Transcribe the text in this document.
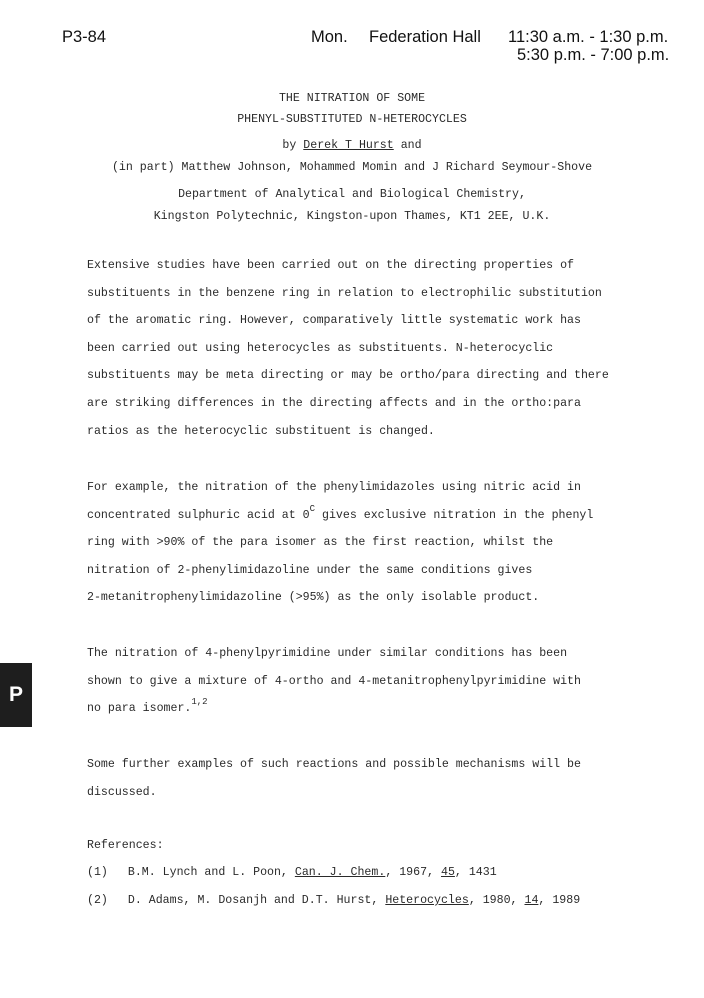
P3-84	Mon. Federation Hall 11:30 a.m. - 1:30 p.m.
5:30 p.m. - 7:00 p.m.
THE NITRATION OF SOME
PHENYL-SUBSTITUTED N-HETEROCYCLES
by Derek T Hurst and
(in part) Matthew Johnson, Mohammed Momin and J Richard Seymour-Shove
Department of Analytical and Biological Chemistry,
Kingston Polytechnic, Kingston-upon Thames, KT1 2EE, U.K.
Extensive studies have been carried out on the directing properties of
substituents in the benzene ring in relation to electrophilic substitution
of the aromatic ring. However, comparatively little systematic work has
been carried out using heterocycles as substituents. N-heterocyclic
substituents may be meta directing or may be ortho/para directing and there
are striking differences in the directing affects and in the ortho:para
ratios as the heterocyclic substituent is changed.
For example, the nitration of the phenylimidazoles using nitric acid in
concentrated sulphuric acid at $0^C$ gives exclusive nitration in the phenyl
ring with >90% of the para isomer as the first reaction, whilst the
nitration of 2-phenylimidazoline under the same conditions gives
2-metanitrophenylimidazoline (>95%) as the only isolable product.
The nitration of 4-phenylpyrimidine under similar conditions has been
shown to give a mixture of 4-ortho and 4-metanitrophenylpyrimidine with
no para isomer.$^{1,2}$
Some further examples of such reactions and possible mechanisms will be
discussed.
References:
(1) B.M. Lynch and L. Poon, Can. J. Chem., 1967, 45, 1431
(2) D. Adams, M. Dosanjh and D.T. Hurst, Heterocycles, 1980, 14, 1989
P
